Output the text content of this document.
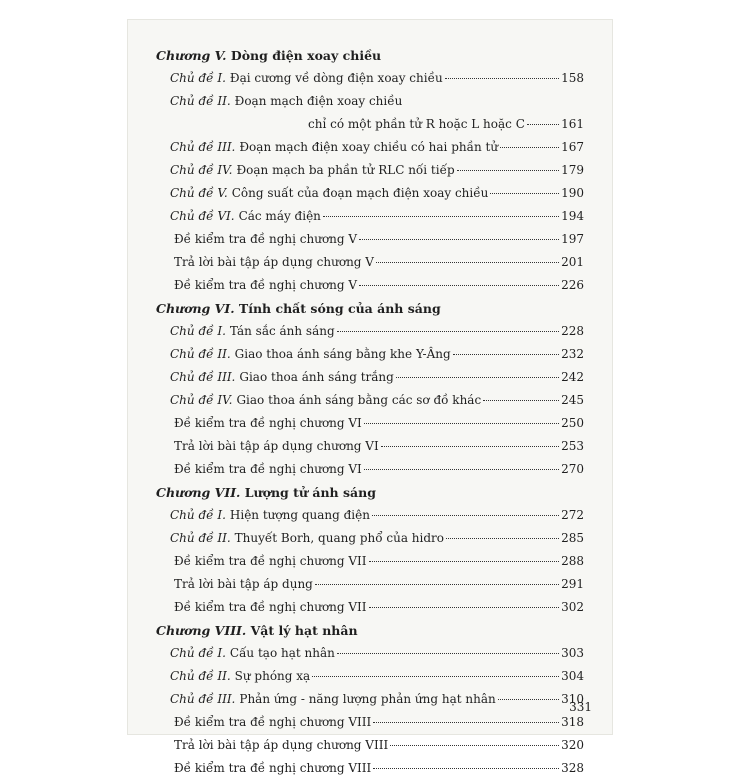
Chương V. Dòng điện xoay chiều
Chủ đề I. Đại cương về dòng điện xoay chiều	158
Chủ đề II. Đoạn mạch điện xoay chiều
chỉ có một phần tử R hoặc L hoặc C	161
Chủ đề III. Đoạn mạch điện xoay chiều có hai phần tử	167
Chủ đề IV. Đoạn mạch ba phần tử RLC nối tiếp	179
Chủ đề V. Công suất của đoạn mạch điện xoay chiều	190
Chủ đề VI. Các máy điện	194
Đề kiểm tra đề nghị chương V	197
Trả lời bài tập áp dụng chương V	201
Đề kiểm tra đề nghị chương V	226
Chương VI. Tính chất sóng của ánh sáng
Chủ đề I. Tán sắc ánh sáng	228
Chủ đề II. Giao thoa ánh sáng bằng khe Y-Âng	232
Chủ đề III. Giao thoa ánh sáng trắng	242
Chủ đề IV. Giao thoa ánh sáng bằng các sơ đồ khác	245
Đề kiểm tra đề nghị chương VI	250
Trả lời bài tập áp dụng chương VI	253
Đề kiểm tra đề nghị chương VI	270
Chương VII. Lượng tử ánh sáng
Chủ đề I. Hiện tượng quang điện	272
Chủ đề II. Thuyết Borh, quang phổ của hidro	285
Đề kiểm tra đề nghị chương VII	288
Trả lời bài tập áp dụng	291
Đề kiểm tra đề nghị chương VII	302
Chương VIII. Vật lý hạt nhân
Chủ đề I. Cấu tạo hạt nhân	303
Chủ đề II. Sự phóng xạ	304
Chủ đề III. Phản ứng - năng lượng phản ứng hạt nhân	310
Đề kiểm tra đề nghị chương VIII	318
Trả lời bài tập áp dụng chương VIII	320
Đề kiểm tra đề nghị chương VIII	328
331
